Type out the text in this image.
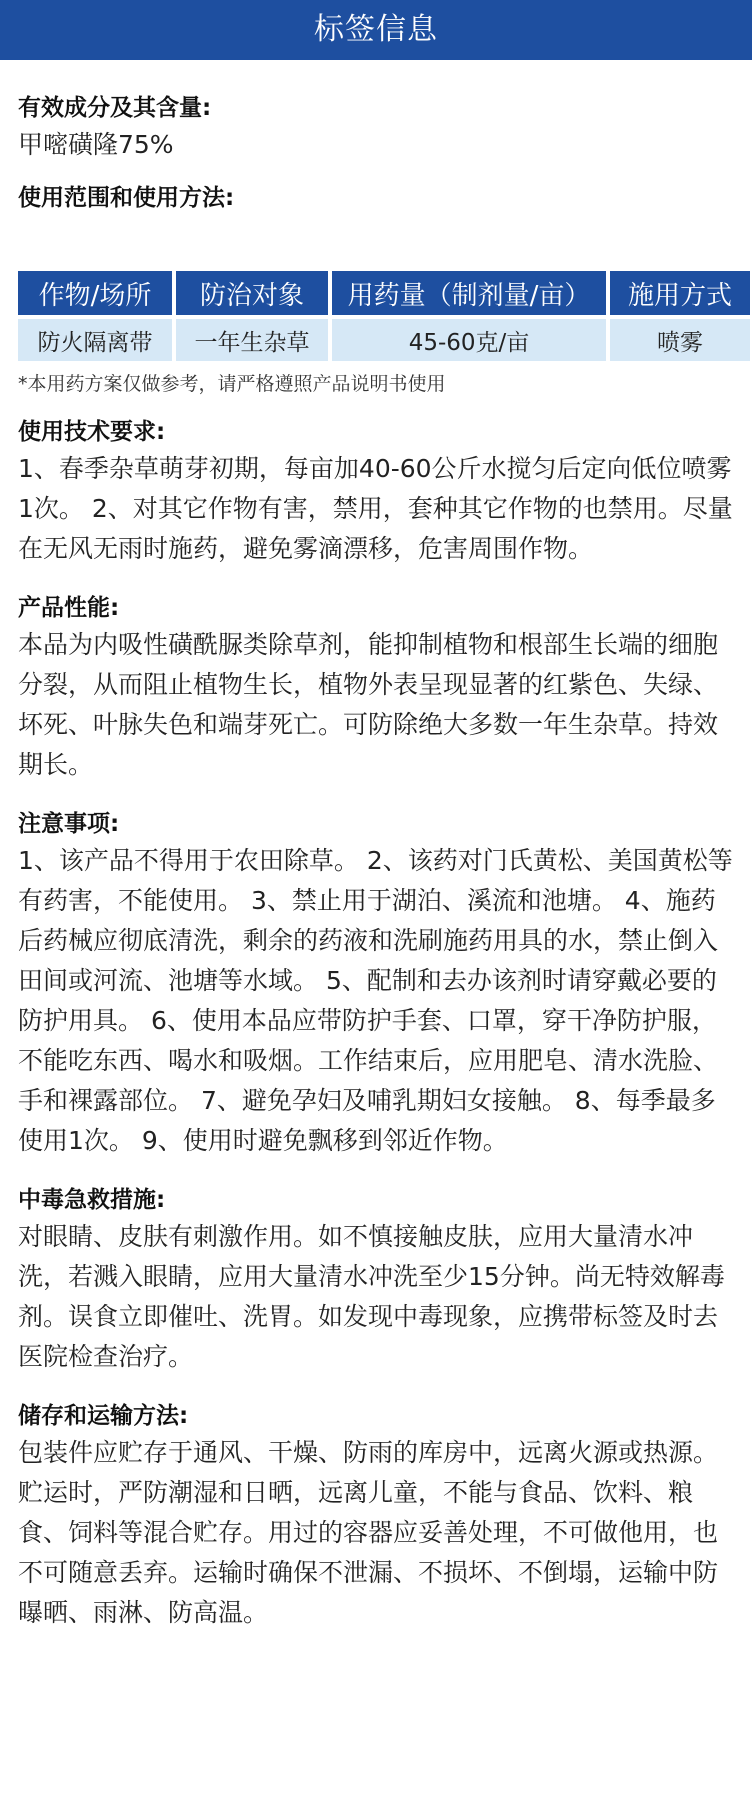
标签信息

有效成分及其含量:

甲嘧磺隆75%

使用范围和使用方法:

作物/场所	防治对象	用药量（制剂量/亩）	施用方式
防火隔离带	一年生杂草	45-60克/亩	喷雾

*本用药方案仅做参考，请严格遵照产品说明书使用

使用技术要求:

1、春季杂草萌芽初期，每亩加40-60公斤水搅匀后定向低位喷雾1次。 2、对其它作物有害，禁用，套种其它作物的也禁用。尽量在无风无雨时施药，避免雾滴漂移，危害周围作物。

产品性能:

本品为内吸性磺酰脲类除草剂，能抑制植物和根部生长端的细胞分裂，从而阻止植物生长，植物外表呈现显著的红紫色、失绿、坏死、叶脉失色和端芽死亡。可防除绝大多数一年生杂草。持效期长。

注意事项:

1、该产品不得用于农田除草。 2、该药对门氏黄松、美国黄松等有药害，不能使用。 3、禁止用于湖泊、溪流和池塘。 4、施药后药械应彻底清洗，剩余的药液和洗刷施药用具的水，禁止倒入田间或河流、池塘等水域。 5、配制和去办该剂时请穿戴必要的防护用具。 6、使用本品应带防护手套、口罩，穿干净防护服，不能吃东西、喝水和吸烟。工作结束后，应用肥皂、清水洗脸、手和裸露部位。 7、避免孕妇及哺乳期妇女接触。 8、每季最多使用1次。 9、使用时避免飘移到邻近作物。

中毒急救措施:

对眼睛、皮肤有刺激作用。如不慎接触皮肤，应用大量清水冲洗，若溅入眼睛，应用大量清水冲洗至少15分钟。尚无特效解毒剂。误食立即催吐、洗胃。如发现中毒现象，应携带标签及时去医院检查治疗。

储存和运输方法:

包装件应贮存于通风、干燥、防雨的库房中，远离火源或热源。贮运时，严防潮湿和日晒，远离儿童，不能与食品、饮料、粮食、饲料等混合贮存。用过的容器应妥善处理，不可做他用，也不可随意丢弃。运输时确保不泄漏、不损坏、不倒塌，运输中防曝晒、雨淋、防高温。
